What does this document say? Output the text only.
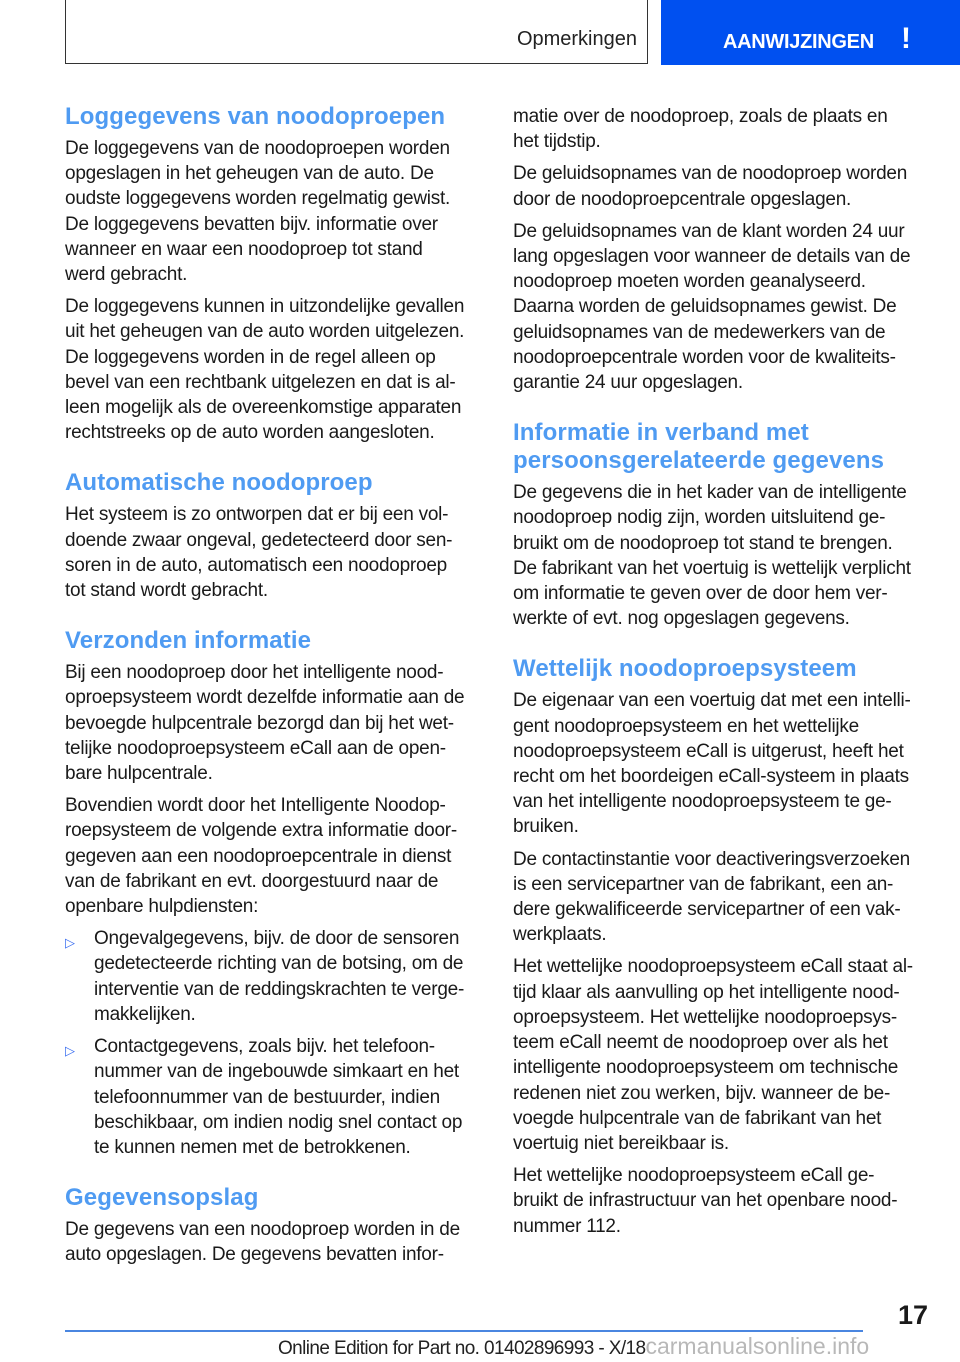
Opmerkingen	AANWIJZINGEN !
Loggegevens van noodoproepen
De loggegevens van de noodoproepen worden
opgeslagen in het geheugen van de auto. De
oudste loggegevens worden regelmatig gewist.
De loggegevens bevatten bijv. informatie over
wanneer en waar een noodoproep tot stand
werd gebracht.
De loggegevens kunnen in uitzondelijke gevallen
uit het geheugen van de auto worden uitgelezen.
De loggegevens worden in de regel alleen op
bevel van een rechtbank uitgelezen en dat is al‐
leen mogelijk als de overeenkomstige apparaten
rechtstreeks op de auto worden aangesloten.
Automatische noodoproep
Het systeem is zo ontworpen dat er bij een vol‐
doende zwaar ongeval, gedetecteerd door sen‐
soren in de auto, automatisch een noodoproep
tot stand wordt gebracht.
Verzonden informatie
Bij een noodoproep door het intelligente nood‐
oproepsysteem wordt dezelfde informatie aan de
bevoegde hulpcentrale bezorgd dan bij het wet‐
telijke noodoproepsysteem eCall aan de open‐
bare hulpcentrale.
Bovendien wordt door het Intelligente Noodop‐
roepsysteem de volgende extra informatie door‐
gegeven aan een noodoproepcentrale in dienst
van de fabrikant en evt. doorgestuurd naar de
openbare hulpdiensten:
▷ Ongevalgegevens, bijv. de door de sensoren
gedetecteerde richting van de botsing, om de
interventie van de reddingskrachten te verge‐
makkelijken.
▷ Contactgegevens, zoals bijv. het telefoon‐
nummer van de ingebouwde simkaart en het
telefoonnummer van de bestuurder, indien
beschikbaar, om indien nodig snel contact op
te kunnen nemen met de betrokkenen.
Gegevensopslag
De gegevens van een noodoproep worden in de
auto opgeslagen. De gegevens bevatten infor‐
matie over de noodoproep, zoals de plaats en
het tijdstip.
De geluidsopnames van de noodoproep worden
door de noodoproepcentrale opgeslagen.
De geluidsopnames van de klant worden 24 uur
lang opgeslagen voor wanneer de details van de
noodoproep moeten worden geanalyseerd.
Daarna worden de geluidsopnames gewist. De
geluidsopnames van de medewerkers van de
noodoproepcentrale worden voor de kwaliteits‐
garantie 24 uur opgeslagen.
Informatie in verband met
persoonsgerelateerde gegevens
De gegevens die in het kader van de intelligente
noodoproep nodig zijn, worden uitsluitend ge‐
bruikt om de noodoproep tot stand te brengen.
De fabrikant van het voertuig is wettelijk verplicht
om informatie te geven over de door hem ver‐
werkte of evt. nog opgeslagen gegevens.
Wettelijk noodoproepsysteem
De eigenaar van een voertuig dat met een intelli‐
gent noodoproepsysteem en het wettelijke
noodoproepsysteem eCall is uitgerust, heeft het
recht om het boordeigen eCall-systeem in plaats
van het intelligente noodoproepsysteem te ge‐
bruiken.
De contactinstantie voor deactiveringsverzoeken
is een servicepartner van de fabrikant, een an‐
dere gekwalificeerde servicepartner of een vak‐
werkplaats.
Het wettelijke noodoproepsysteem eCall staat al‐
tijd klaar als aanvulling op het intelligente nood‐
oproepsysteem. Het wettelijke noodoproepsys‐
teem eCall neemt de noodoproep over als het
intelligente noodoproepsysteem om technische
redenen niet zou werken, bijv. wanneer de be‐
voegde hulpcentrale van de fabrikant van het
voertuig niet bereikbaar is.
Het wettelijke noodoproepsysteem eCall ge‐
bruikt de infrastructuur van het openbare nood‐
nummer 112.
17
Online Edition for Part no. 01402896993 - X/18carmanualsonline.info
